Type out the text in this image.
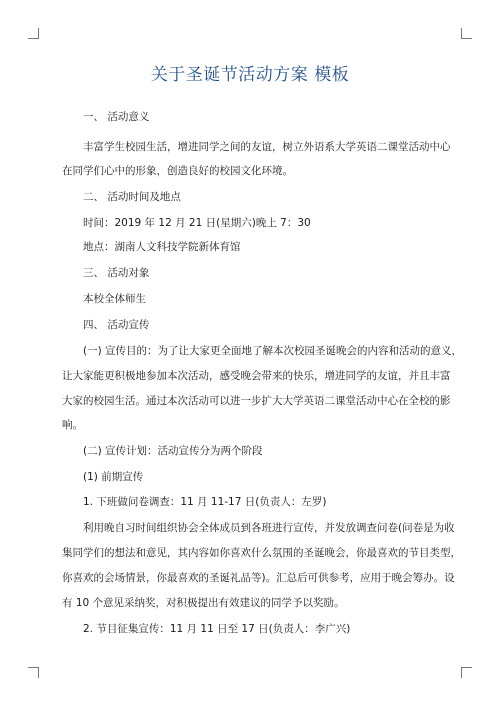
关于圣诞节活动方案 模板
一、 活动意义
丰富学生校园生活，增进同学之间的友谊，树立外语系大学英语二课堂活动中心
在同学们心中的形象，创造良好的校园文化环境。
二、 活动时间及地点
时间：2019 年 12 月 21 日(星期六)晚上 7：30
地点：湖南人文科技学院新体育馆
三、 活动对象
本校全体师生
四、 活动宣传
(一) 宣传目的：为了让大家更全面地了解本次校园圣诞晚会的内容和活动的意义，
让大家能更积极地参加本次活动，感受晚会带来的快乐，增进同学的友谊，并且丰富
大家的校园生活。通过本次活动可以进一步扩大大学英语二课堂活动中心在全校的影
响。
(二) 宣传计划：活动宣传分为两个阶段
(1) 前期宣传
1. 下班做问卷调查：11 月 11-17 日(负责人：左罗)
利用晚自习时间组织协会全体成员到各班进行宣传，并发放调查问卷(问卷是为收
集同学们的想法和意见，其内容如你喜欢什么氛围的圣诞晚会，你最喜欢的节目类型，
你喜欢的会场情景，你最喜欢的圣诞礼品等)。汇总后可供参考，应用于晚会筹办。设
有 10 个意见采纳奖，对积极提出有效建议的同学予以奖励。
2. 节目征集宣传：11 月 11 日至 17 日(负责人：李广兴)
